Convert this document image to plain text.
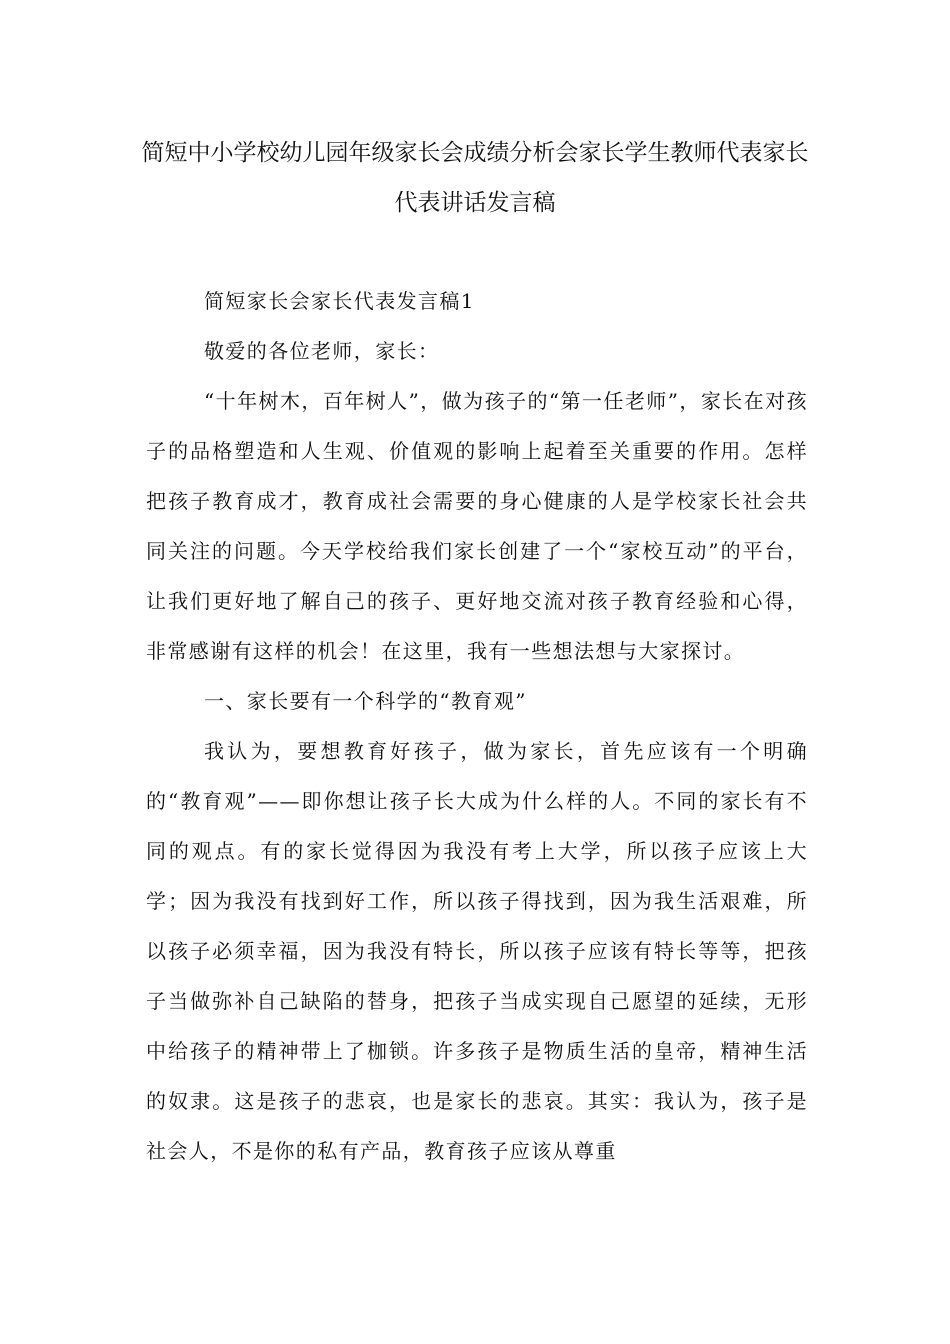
简短中小学校幼儿园年级家长会成绩分析会家长学生教师代表家长
代表讲话发言稿

简短家长会家长代表发言稿1

敬爱的各位老师，家长：

“十年树木，百年树人”，做为孩子的“第一任老师”，家长在对孩子的品格塑造和人生观、价值观的影响上起着至关重要的作用。怎样把孩子教育成才，教育成社会需要的身心健康的人是学校家长社会共同关注的问题。今天学校给我们家长创建了一个“家校互动”的平台，让我们更好地了解自己的孩子、更好地交流对孩子教育经验和心得，非常感谢有这样的机会！在这里，我有一些想法想与大家探讨。

一、家长要有一个科学的“教育观”

我认为，要想教育好孩子，做为家长，首先应该有一个明确的“教育观”——即你想让孩子长大成为什么样的人。不同的家长有不同的观点。有的家长觉得因为我没有考上大学，所以孩子应该上大学；因为我没有找到好工作，所以孩子得找到，因为我生活艰难，所以孩子必须幸福，因为我没有特长，所以孩子应该有特长等等，把孩子当做弥补自己缺陷的替身，把孩子当成实现自己愿望的延续，无形中给孩子的精神带上了枷锁。许多孩子是物质生活的皇帝，精神生活的奴隶。这是孩子的悲哀，也是家长的悲哀。其实：我认为，孩子是社会人，不是你的私有产品，教育孩子应该从尊重
